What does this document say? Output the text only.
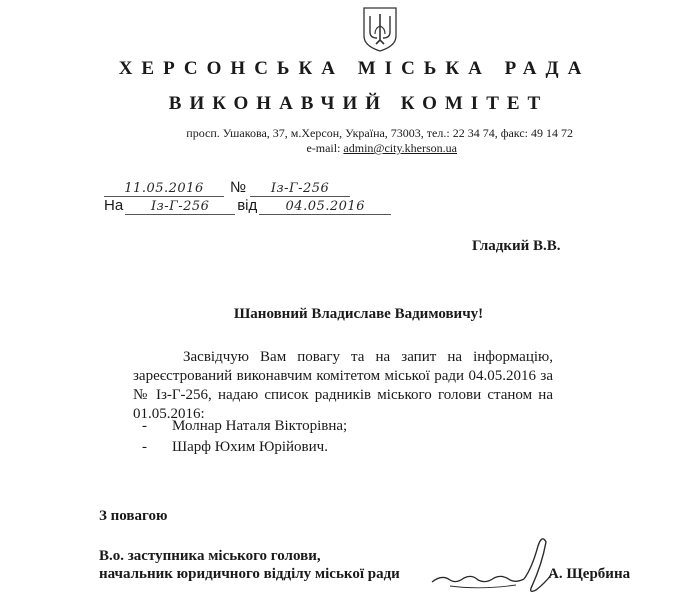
ХЕРСОНСЬКА МІСЬКА РАДА
ВИКОНАВЧИЙ КОМІТЕТ
просп. Ушакова, 37, м.Херсон, Україна, 73003, тел.: 22 34 74, факс: 49 14 72
e-mail: admin@city.kherson.ua
11.05.2016 № Із-Г-256
На Із-Г-256 від 04.05.2016
Гладкий В.В.
Шановний Владиславе Вадимовичу!
Засвідчую Вам повагу та на запит на інформацію, зареєстрований виконавчим комітетом міської ради 04.05.2016 за № Із-Г-256, надаю список радників міського голови станом на 01.05.2016:
- Молнар Наталя Вікторівна;
- Шарф Юхим Юрійович.
З повагою
В.о. заступника міського голови,
начальник юридичного відділу міської ради	А. Щербина
